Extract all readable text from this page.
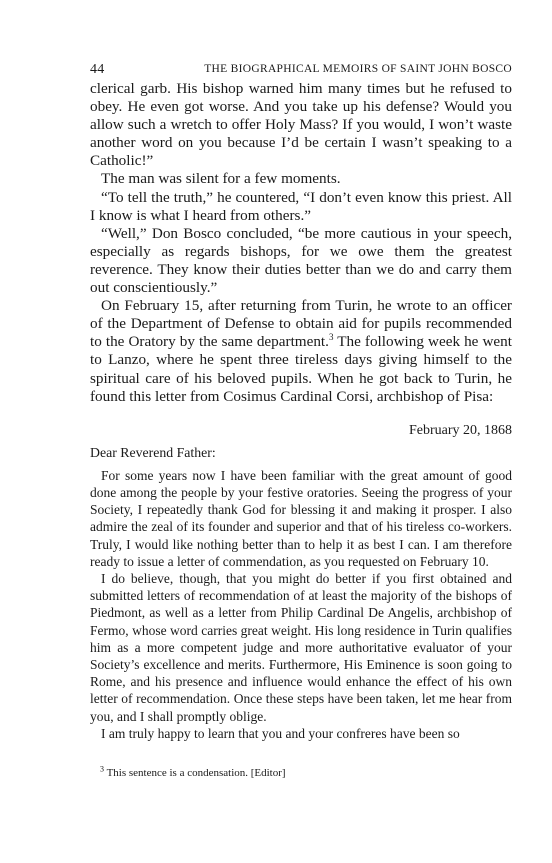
44	THE BIOGRAPHICAL MEMOIRS OF SAINT JOHN BOSCO

clerical garb. His bishop warned him many times but he refused to obey. He even got worse. And you take up his defense? Would you allow such a wretch to offer Holy Mass? If you would, I won’t waste another word on you because I’d be certain I wasn’t speaking to a Catholic!”

The man was silent for a few moments.

“To tell the truth,” he countered, “I don’t even know this priest. All I know is what I heard from others.”

“Well,” Don Bosco concluded, “be more cautious in your speech, especially as regards bishops, for we owe them the greatest reverence. They know their duties better than we do and carry them out conscientiously.”

On February 15, after returning from Turin, he wrote to an officer of the Department of Defense to obtain aid for pupils recommended to the Oratory by the same department.$^3$ The following week he went to Lanzo, where he spent three tireless days giving himself to the spiritual care of his beloved pupils. When he got back to Turin, he found this letter from Cosimus Cardinal Corsi, archbishop of Pisa:

February 20, 1868
Dear Reverend Father:

For some years now I have been familiar with the great amount of good done among the people by your festive oratories. Seeing the progress of your Society, I repeatedly thank God for blessing it and making it prosper. I also admire the zeal of its founder and superior and that of his tireless co-workers. Truly, I would like nothing better than to help it as best I can. I am therefore ready to issue a letter of commendation, as you requested on February 10.

I do believe, though, that you might do better if you first obtained and submitted letters of recommendation of at least the majority of the bishops of Piedmont, as well as a letter from Philip Cardinal De Angelis, archbishop of Fermo, whose word carries great weight. His long residence in Turin qualifies him as a more competent judge and more authoritative evaluator of your Society’s excellence and merits. Furthermore, His Eminence is soon going to Rome, and his presence and influence would enhance the effect of his own letter of recommendation. Once these steps have been taken, let me hear from you, and I shall promptly oblige.

I am truly happy to learn that you and your confreres have been so

$^3$ This sentence is a condensation. [Editor]
